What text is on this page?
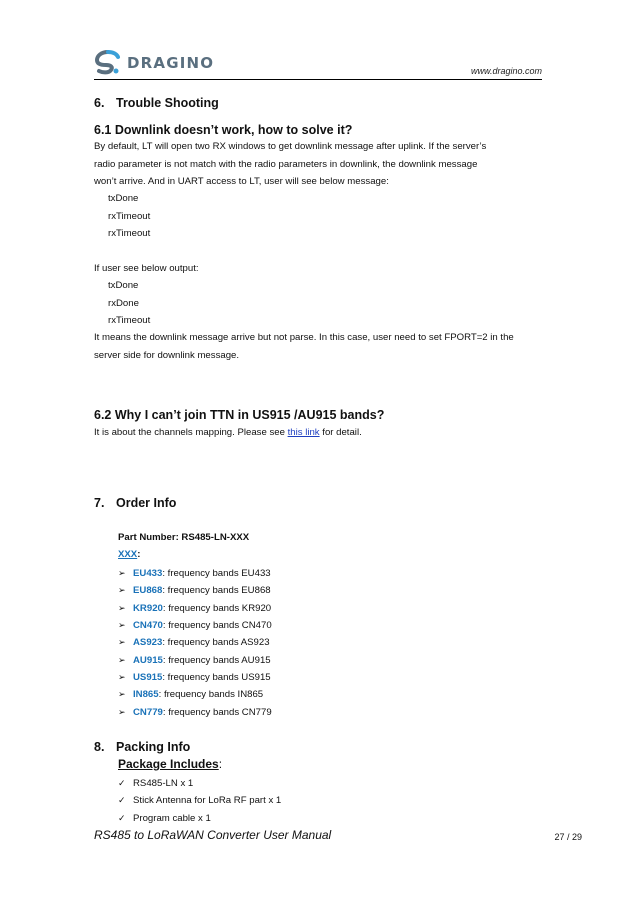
DRAGINO	www.dragino.com
6. Trouble Shooting
6.1 Downlink doesn’t work, how to solve it?
By default, LT will open two RX windows to get downlink message after uplink. If the server’s
radio parameter is not match with the radio parameters in downlink, the downlink message
won’t arrive. And in UART access to LT, user will see below message:
txDone
rxTimeout
rxTimeout
If user see below output:
txDone
rxDone
rxTimeout
It means the downlink message arrive but not parse. In this case, user need to set FPORT=2 in the
server side for downlink message.
6.2 Why I can’t join TTN in US915 /AU915 bands?
It is about the channels mapping. Please see this link for detail.
7. Order Info
Part Number: RS485-LN-XXX
XXX:
➢ EU433 : frequency bands EU433
➢ EU868 : frequency bands EU868
➢ KR920 : frequency bands KR920
➢ CN470 : frequency bands CN470
➢ AS923 : frequency bands AS923
➢ AU915 : frequency bands AU915
➢ US915 : frequency bands US915
➢ IN865 : frequency bands IN865
➢ CN779 : frequency bands CN779
8. Packing Info
Package Includes:
✓ RS485-LN x 1
✓ Stick Antenna for LoRa RF part x 1
✓ Program cable x 1
RS485 to LoRaWAN Converter User Manual	27 / 29
